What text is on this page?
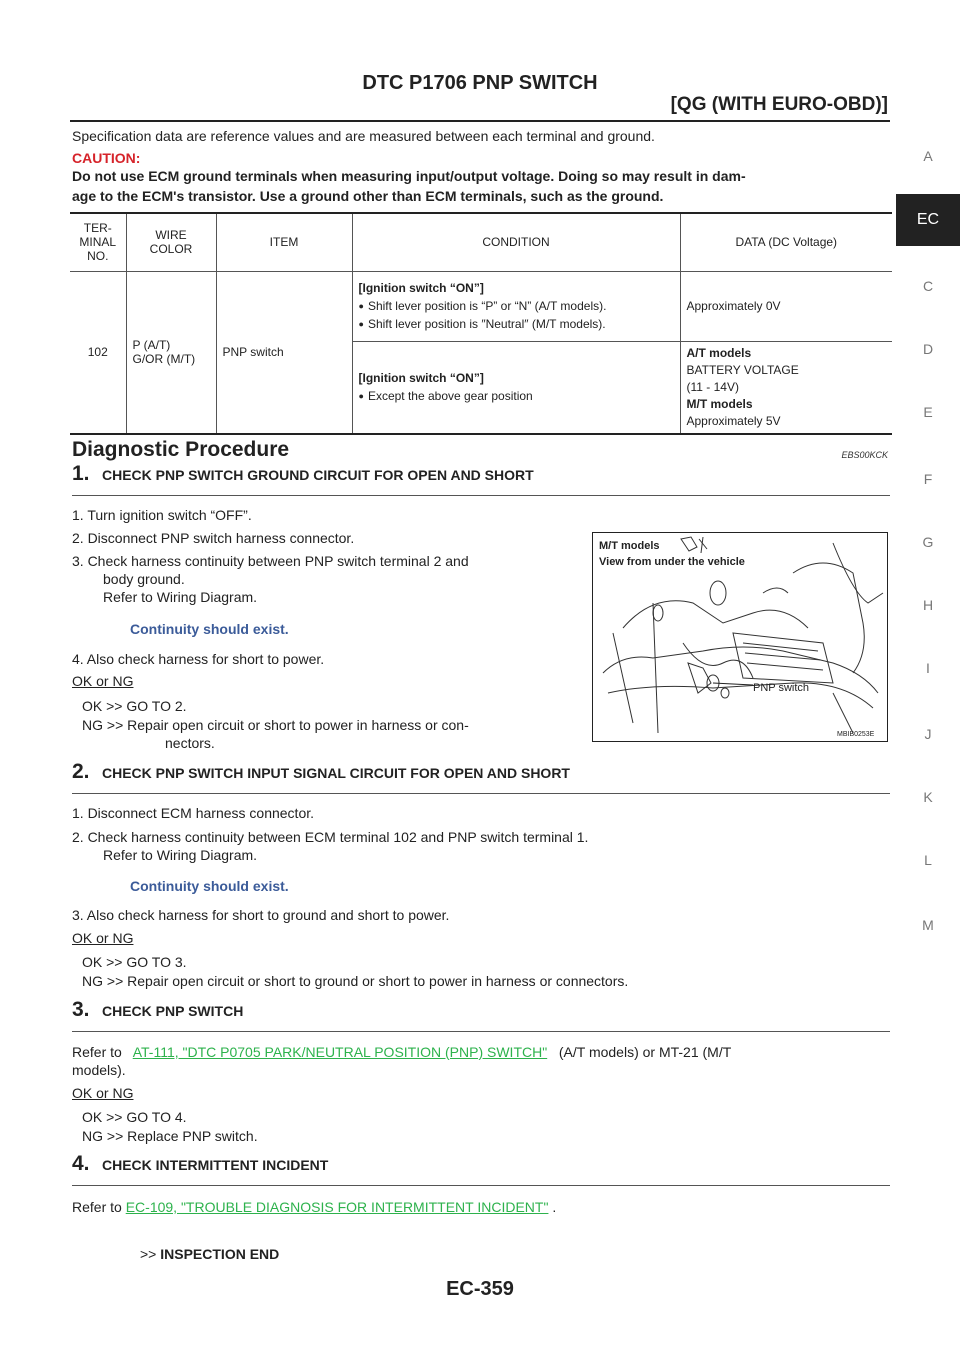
DTC P1706 PNP SWITCH
[QG (WITH EURO-OBD)]
A
EC
C
D
E
F
G
H
I
J
K
L
M
Specification data are reference values and are measured between each terminal and ground.
CAUTION:
Do not use ECM ground terminals when measuring input/output voltage. Doing so may result in dam-
age to the ECM's transistor. Use a ground other than ECM terminals, such as the ground.
TER-
MINAL
NO.	WIRE
COLOR	ITEM	CONDITION	DATA (DC Voltage)
102	P (A/T)
G/OR (M/T)	PNP switch	[Ignition switch “ON”]
● Shift lever position is “P” or “N” (A/T models).
● Shift lever position is ″Neutral″ (M/T models).	Approximately 0V
			[Ignition switch “ON”]
● Except the above gear position	A/T models
BATTERY VOLTAGE
(11 - 14V)
M/T models
Approximately 5V
Diagnostic Procedure	EBS00KCK
1. CHECK PNP SWITCH GROUND CIRCUIT FOR OPEN AND SHORT
1. Turn ignition switch “OFF”.
2. Disconnect PNP switch harness connector.
3. Check harness continuity between PNP switch terminal 2 and
body ground.
Refer to Wiring Diagram.
Continuity should exist.
4. Also check harness for short to power.
OK or NG
OK >> GO TO 2.
NG >> Repair open circuit or short to power in harness or con-
nectors.
M/T models
View from under the vehicle
PNP switch
MBIB0253E
2. CHECK PNP SWITCH INPUT SIGNAL CIRCUIT FOR OPEN AND SHORT
1. Disconnect ECM harness connector.
2. Check harness continuity between ECM terminal 102 and PNP switch terminal 1.
Refer to Wiring Diagram.
Continuity should exist.
3. Also check harness for short to ground and short to power.
OK or NG
OK >> GO TO 3.
NG >> Repair open circuit or short to ground or short to power in harness or connectors.
3. CHECK PNP SWITCH
Refer to AT-111, "DTC P0705 PARK/NEUTRAL POSITION (PNP) SWITCH" (A/T models) or MT-21 (M/T
models).
OK or NG
OK >> GO TO 4.
NG >> Replace PNP switch.
4. CHECK INTERMITTENT INCIDENT
Refer to EC-109, "TROUBLE DIAGNOSIS FOR INTERMITTENT INCIDENT" .
>> INSPECTION END
EC-359
